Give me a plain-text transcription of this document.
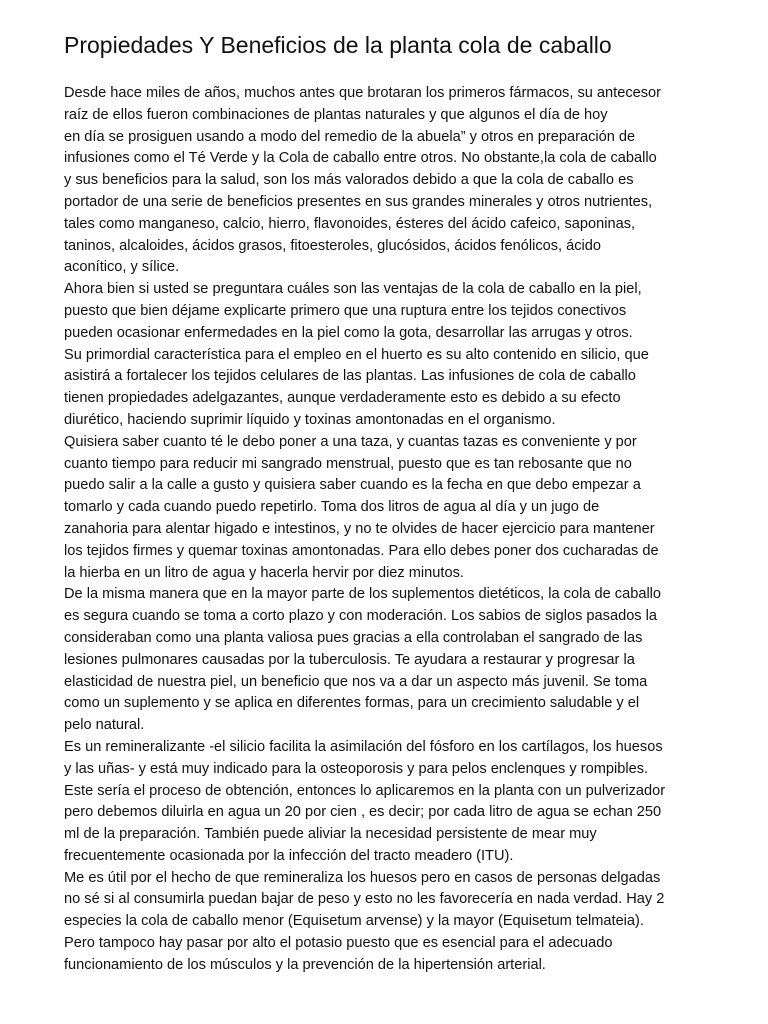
Propiedades Y Beneficios de la planta cola de caballo
Desde hace miles de años, muchos antes que brotaran los primeros fármacos, su antecesor
raíz de ellos fueron combinaciones de plantas naturales y que algunos el día de hoy
en día se prosiguen usando a modo del remedio de la abuela” y otros en preparación de
infusiones como el Té Verde y la Cola de caballo entre otros. No obstante,la cola de caballo
y sus beneficios para la salud, son los más valorados debido a que la cola de caballo es
portador de una serie de beneficios presentes en sus grandes minerales y otros nutrientes,
tales como manganeso, calcio, hierro, flavonoides, ésteres del ácido cafeico, saponinas,
taninos, alcaloides, ácidos grasos, fitoesteroles, glucósidos, ácidos fenólicos, ácido
aconítico, y sílice.
Ahora bien si usted se preguntara cuáles son las ventajas de la cola de caballo en la piel,
puesto que bien déjame explicarte primero que una ruptura entre los tejidos conectivos
pueden ocasionar enfermedades en la piel como la gota, desarrollar las arrugas y otros.
Su primordial característica para el empleo en el huerto es su alto contenido en silicio, que
asistirá a fortalecer los tejidos celulares de las plantas. Las infusiones de cola de caballo
tienen propiedades adelgazantes, aunque verdaderamente esto es debido a su efecto
diurético, haciendo suprimir líquido y toxinas amontonadas en el organismo.
Quisiera saber cuanto té le debo poner a una taza, y cuantas tazas es conveniente y por
cuanto tiempo para reducir mi sangrado menstrual, puesto que es tan rebosante que no
puedo salir a la calle a gusto y quisiera saber cuando es la fecha en que debo empezar a
tomarlo y cada cuando puedo repetirlo. Toma dos litros de agua al día y un jugo de
zanahoria para alentar higado e intestinos, y no te olvides de hacer ejercicio para mantener
los tejidos firmes y quemar toxinas amontonadas. Para ello debes poner dos cucharadas de
la hierba en un litro de agua y hacerla hervir por diez minutos.
De la misma manera que en la mayor parte de los suplementos dietéticos, la cola de caballo
es segura cuando se toma a corto plazo y con moderación. Los sabios de siglos pasados la
consideraban como una planta valiosa pues gracias a ella controlaban el sangrado de las
lesiones pulmonares causadas por la tuberculosis. Te ayudara a restaurar y progresar la
elasticidad de nuestra piel, un beneficio que nos va a dar un aspecto más juvenil. Se toma
como un suplemento y se aplica en diferentes formas, para un crecimiento saludable y el
pelo natural.
Es un remineralizante -el silicio facilita la asimilación del fósforo en los cartílagos, los huesos
y las uñas- y está muy indicado para la osteoporosis y para pelos enclenques y rompibles.
Este sería el proceso de obtención, entonces lo aplicaremos en la planta con un pulverizador
pero debemos diluirla en agua un 20 por cien , es decir; por cada litro de agua se echan 250
ml de la preparación. También puede aliviar la necesidad persistente de mear muy
frecuentemente ocasionada por la infección del tracto meadero (ITU).
Me es útil por el hecho de que remineraliza los huesos pero en casos de personas delgadas
no sé si al consumirla puedan bajar de peso y esto no les favorecería en nada verdad. Hay 2
especies la cola de caballo menor (Equisetum arvense) y la mayor (Equisetum telmateia).
Pero tampoco hay pasar por alto el potasio puesto que es esencial para el adecuado
funcionamiento de los músculos y la prevención de la hipertensión arterial.
